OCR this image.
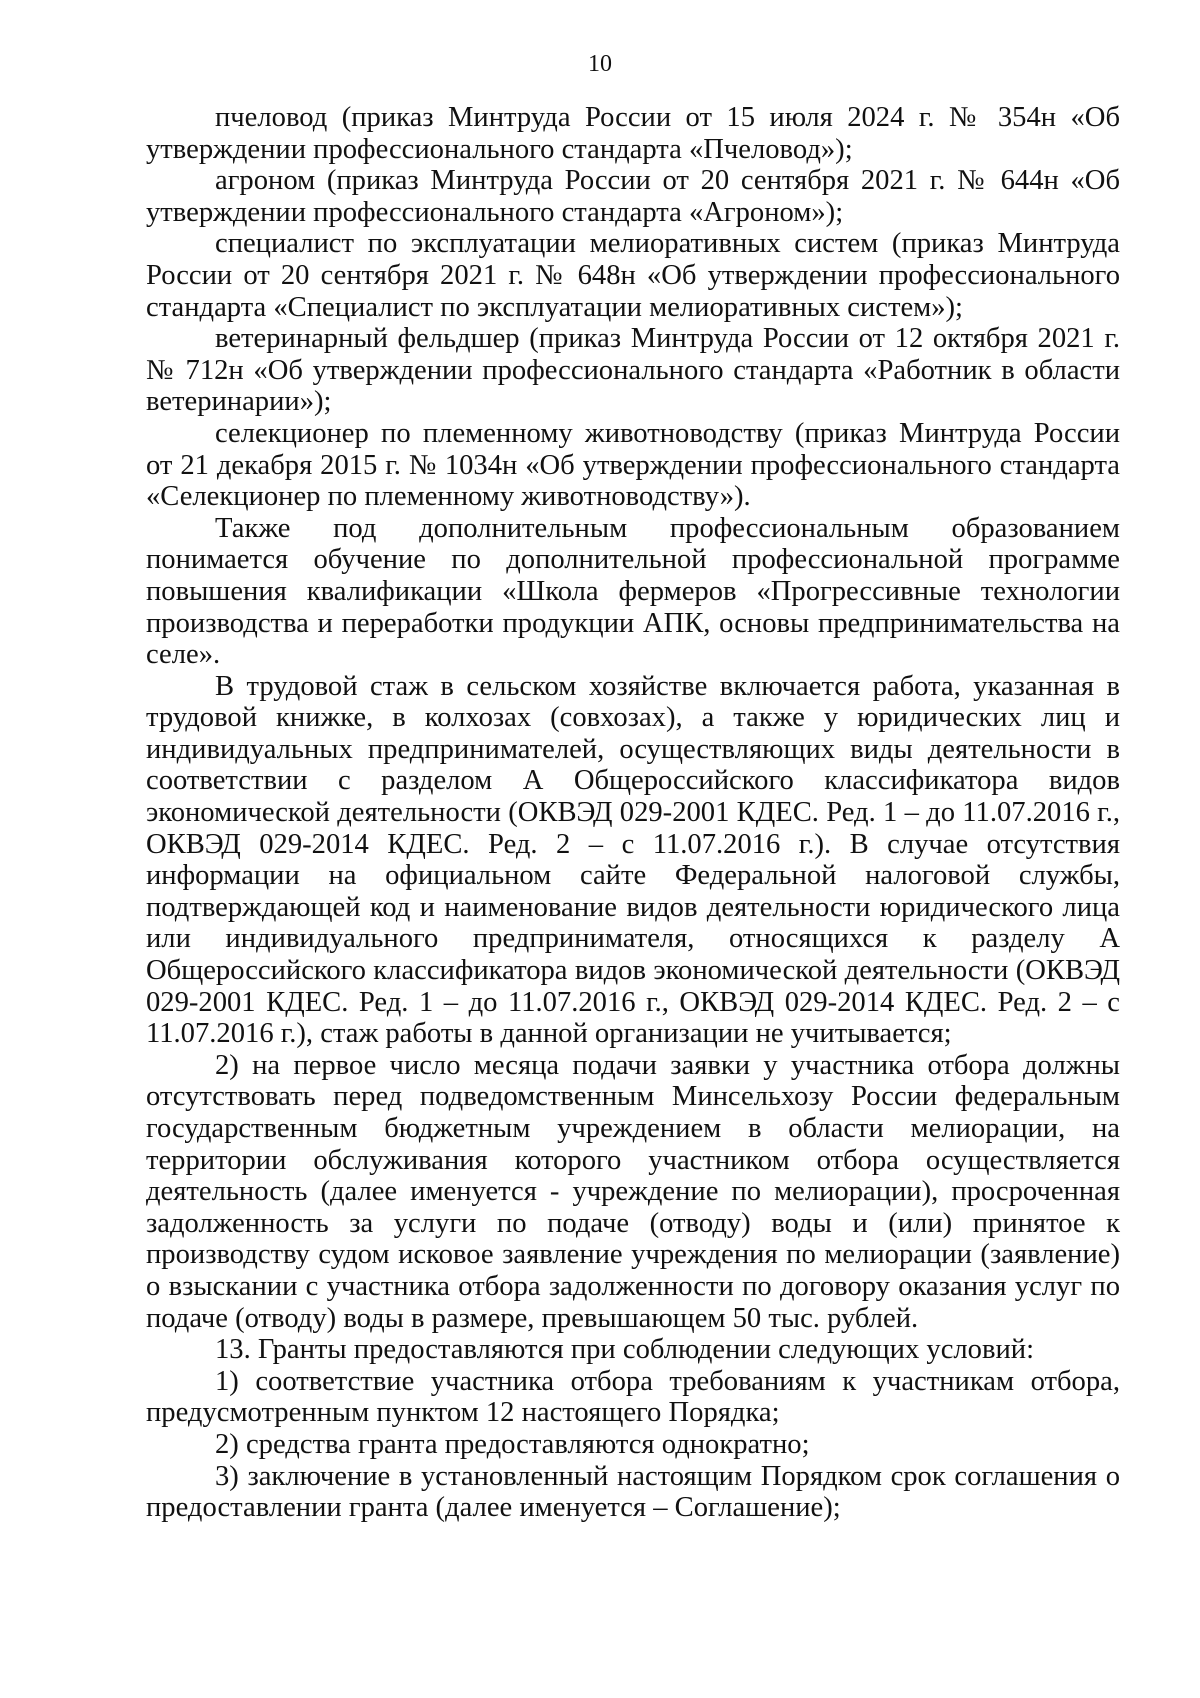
10

пчеловод (приказ Минтруда России от 15 июля 2024 г. № 354н «Об утверждении профессионального стандарта «Пчеловод»);

агроном (приказ Минтруда России от 20 сентября 2021 г. № 644н «Об утверждении профессионального стандарта «Агроном»);

специалист по эксплуатации мелиоративных систем (приказ Минтруда России от 20 сентября 2021 г. № 648н «Об утверждении профессионального стандарта «Специалист по эксплуатации мелиоративных систем»);

ветеринарный фельдшер (приказ Минтруда России от 12 октября 2021 г. № 712н «Об утверждении профессионального стандарта «Работник в области ветеринарии»);

селекционер по племенному животноводству (приказ Минтруда России от 21 декабря 2015 г. № 1034н «Об утверждении профессионального стандарта «Селекционер по племенному животноводству»).

Также под дополнительным профессиональным образованием понимается обучение по дополнительной профессиональной программе повышения квалификации «Школа фермеров «Прогрессивные технологии производства и переработки продукции АПК, основы предпринимательства на селе».

В трудовой стаж в сельском хозяйстве включается работа, указанная в трудовой книжке, в колхозах (совхозах), а также у юридических лиц и индивидуальных предпринимателей, осуществляющих виды деятельности в соответствии с разделом А Общероссийского классификатора видов экономической деятельности (ОКВЭД 029-2001 КДЕС. Ред. 1 – до 11.07.2016 г., ОКВЭД 029-2014 КДЕС. Ред. 2 – с 11.07.2016 г.). В случае отсутствия информации на официальном сайте Федеральной налоговой службы, подтверждающей код и наименование видов деятельности юридического лица или индивидуального предпринимателя, относящихся к разделу А Общероссийского классификатора видов экономической деятельности (ОКВЭД 029-2001 КДЕС. Ред. 1 – до 11.07.2016 г., ОКВЭД 029-2014 КДЕС. Ред. 2 – с 11.07.2016 г.), стаж работы в данной организации не учитывается;

2) на первое число месяца подачи заявки у участника отбора должны отсутствовать перед подведомственным Минсельхозу России федеральным государственным бюджетным учреждением в области мелиорации, на территории обслуживания которого участником отбора осуществляется деятельность (далее именуется - учреждение по мелиорации), просроченная задолженность за услуги по подаче (отводу) воды и (или) принятое к производству судом исковое заявление учреждения по мелиорации (заявление) о взыскании с участника отбора задолженности по договору оказания услуг по подаче (отводу) воды в размере, превышающем 50 тыс. рублей.

13. Гранты предоставляются при соблюдении следующих условий:

1) соответствие участника отбора требованиям к участникам отбора, предусмотренным пунктом 12 настоящего Порядка;

2) средства гранта предоставляются однократно;

3) заключение в установленный настоящим Порядком срок соглашения о предоставлении гранта (далее именуется – Соглашение);
